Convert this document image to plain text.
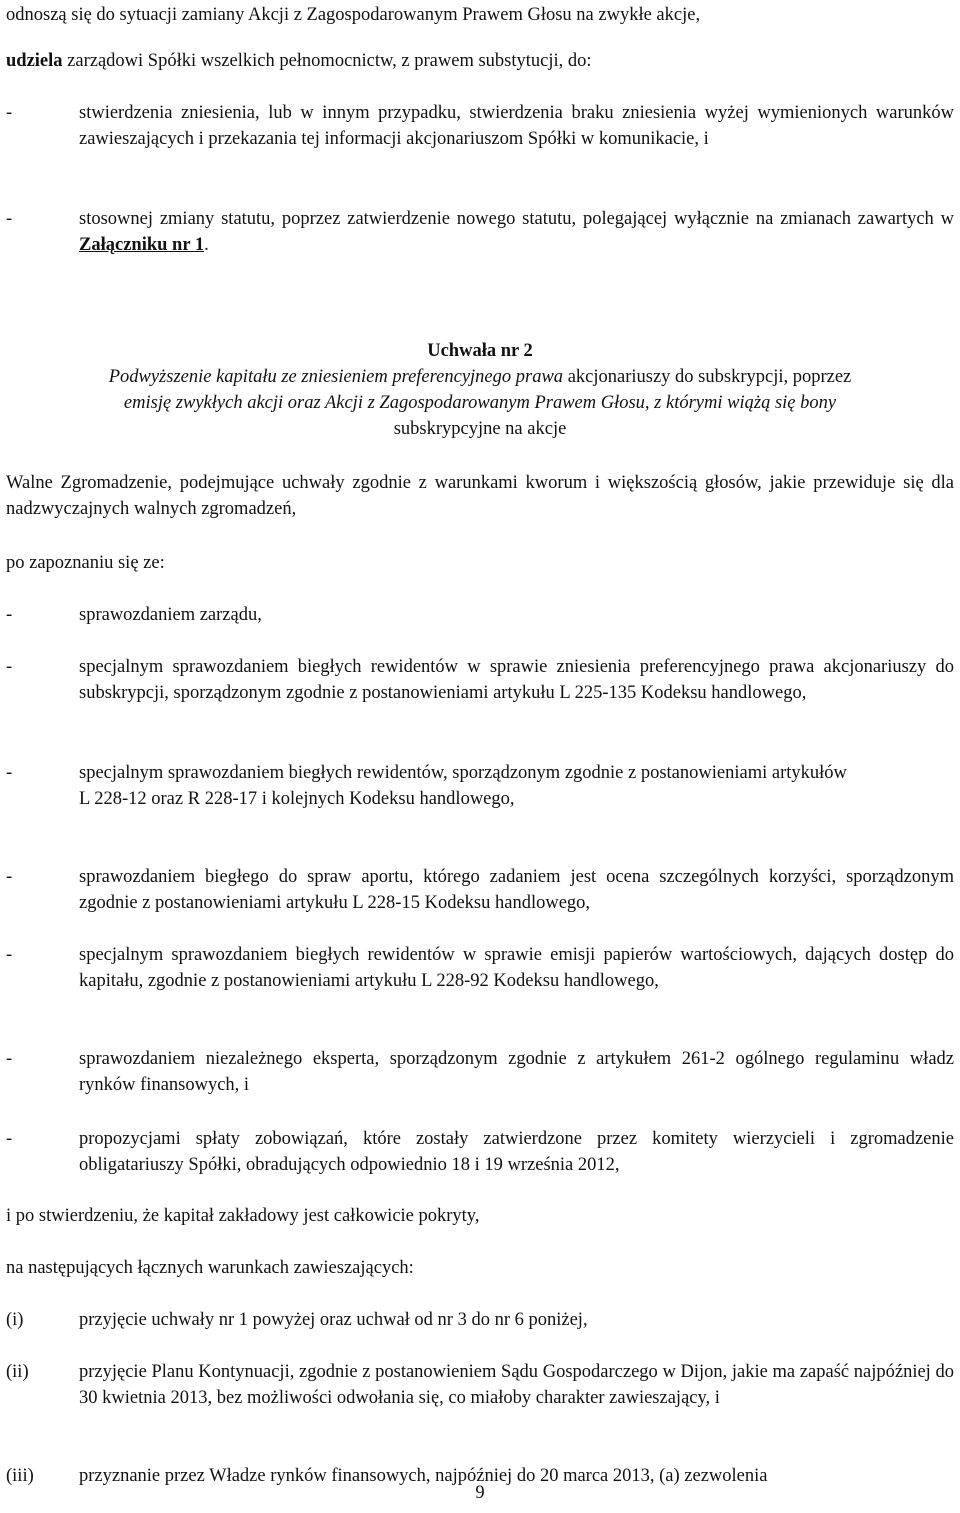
odnoszą się do sytuacji zamiany Akcji z Zagospodarowanym Prawem Głosu na zwykłe akcje,

udziela zarządowi Spółki wszelkich pełnomocnictw, z prawem substytucji, do:

-	stwierdzenia zniesienia, lub w innym przypadku, stwierdzenia braku zniesienia wyżej wymienionych warunków zawieszających i przekazania tej informacji akcjonariuszom Spółki w komunikacie, i
-	stosownej zmiany statutu, poprzez zatwierdzenie nowego statutu, polegającej wyłącznie na zmianach zawartych w Załączniku nr 1.
Uchwała nr 2
Podwyższenie kapitału ze zniesieniem preferencyjnego prawa akcjonariuszy do subskrypcji, poprzez
emisję zwykłych akcji oraz Akcji z Zagospodarowanym Prawem Głosu, z którymi wiążą się bony
subskrypcyjne na akcje

Walne Zgromadzenie, podejmujące uchwały zgodnie z warunkami kworum i większością głosów, jakie przewiduje się dla nadzwyczajnych walnych zgromadzeń,

po zapoznaniu się ze:

-	sprawozdaniem zarządu,
-	specjalnym sprawozdaniem biegłych rewidentów w sprawie zniesienia preferencyjnego prawa akcjonariuszy do subskrypcji, sporządzonym zgodnie z postanowieniami artykułu L 225-135 Kodeksu handlowego,
-	specjalnym sprawozdaniem biegłych rewidentów, sporządzonym zgodnie z postanowieniami artykułów
L 228-12 oraz R 228-17 i kolejnych Kodeksu handlowego,
-	sprawozdaniem biegłego do spraw aportu, którego zadaniem jest ocena szczególnych korzyści, sporządzonym zgodnie z postanowieniami artykułu L 228-15 Kodeksu handlowego,
-	specjalnym sprawozdaniem biegłych rewidentów w sprawie emisji papierów wartościowych, dających dostęp do kapitału, zgodnie z postanowieniami artykułu L 228-92 Kodeksu handlowego,
-	sprawozdaniem niezależnego eksperta, sporządzonym zgodnie z artykułem 261-2 ogólnego regulaminu władz rynków finansowych, i
-	propozycjami spłaty zobowiązań, które zostały zatwierdzone przez komitety wierzycieli i zgromadzenie obligatariuszy Spółki, obradujących odpowiednio 18 i 19 września 2012,

i po stwierdzeniu, że kapitał zakładowy jest całkowicie pokryty,

na następujących łącznych warunkach zawieszających:

(i)	przyjęcie uchwały nr 1 powyżej oraz uchwał od nr 3 do nr 6 poniżej,
(ii)	przyjęcie Planu Kontynuacji, zgodnie z postanowieniem Sądu Gospodarczego w Dijon, jakie ma zapaść najpóźniej do 30 kwietnia 2013, bez możliwości odwołania się, co miałoby charakter zawieszający, i
(iii) przyznanie przez Władze rynków finansowych, najpóźniej do 20 marca 2013, (a) zezwolenia
9
